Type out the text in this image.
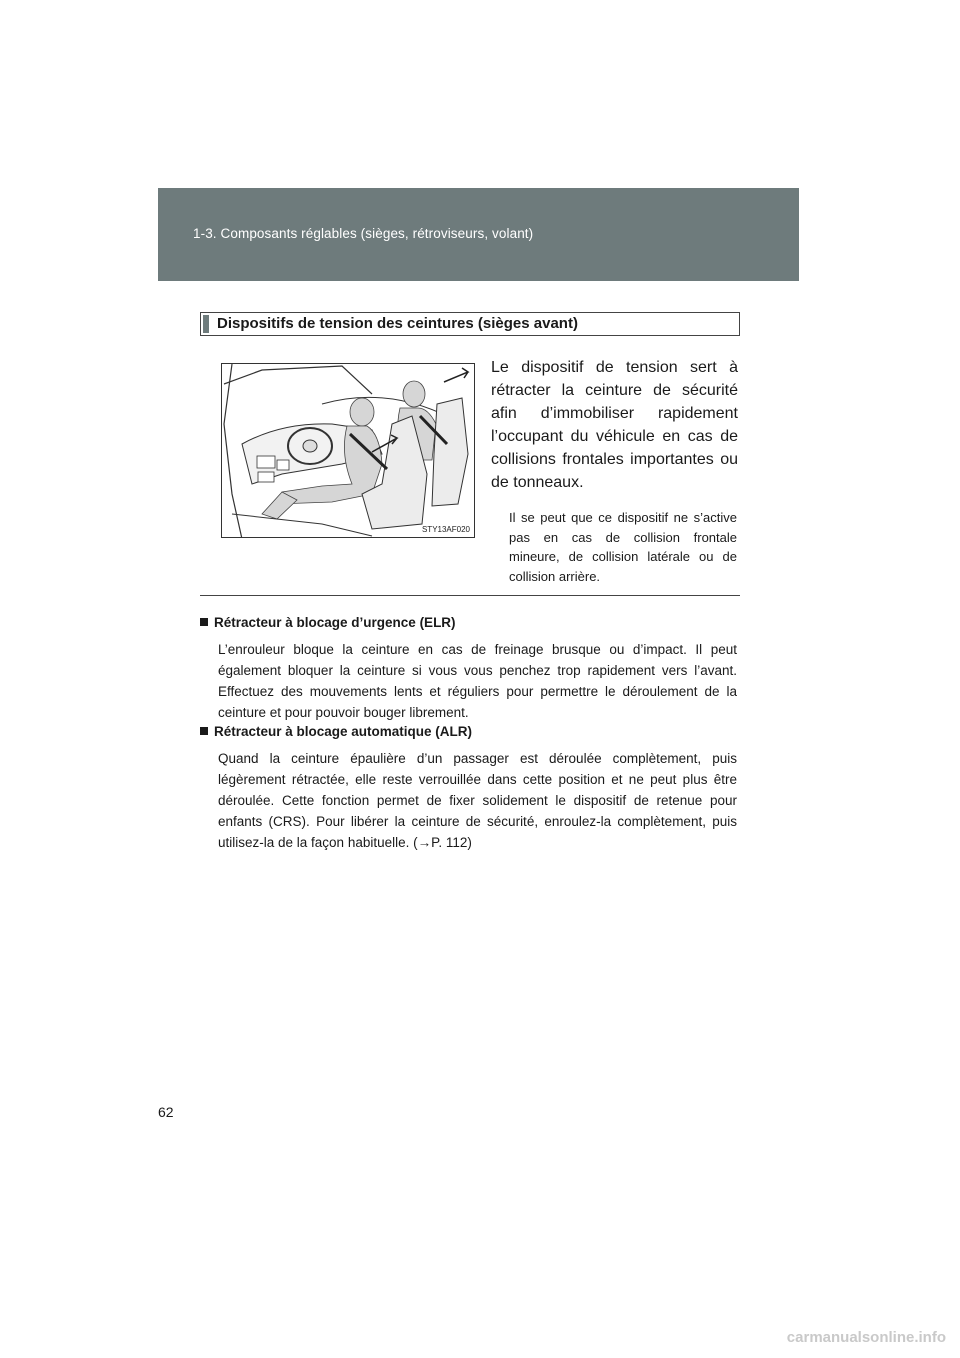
1-3. Composants réglables (sièges, rétroviseurs, volant)
Dispositifs de tension des ceintures (sièges avant)
STY13AF020
Le dispositif de tension sert à rétracter la ceinture de sécurité afin d’immobiliser rapidement l’occupant du véhicule en cas de collisions frontales importantes ou de tonneaux.
Il se peut que ce dispositif ne s’active pas en cas de collision frontale mineure, de collision latérale ou de collision arrière.
Rétracteur à blocage d’urgence (ELR)
L’enrouleur bloque la ceinture en cas de freinage brusque ou d’impact. Il peut également bloquer la ceinture si vous vous penchez trop rapidement vers l’avant. Effectuez des mouvements lents et réguliers pour permettre le déroulement de la ceinture et pour pouvoir bouger librement.
Rétracteur à blocage automatique (ALR)
Quand la ceinture épaulière d’un passager est déroulée complètement, puis légèrement rétractée, elle reste verrouillée dans cette position et ne peut plus être déroulée. Cette fonction permet de fixer solidement le dispositif de retenue pour enfants (CRS). Pour libérer la ceinture de sécurité, enroulez-la complètement, puis utilisez-la de la façon habituelle. (→P. 112)
62
carmanualsonline.info
